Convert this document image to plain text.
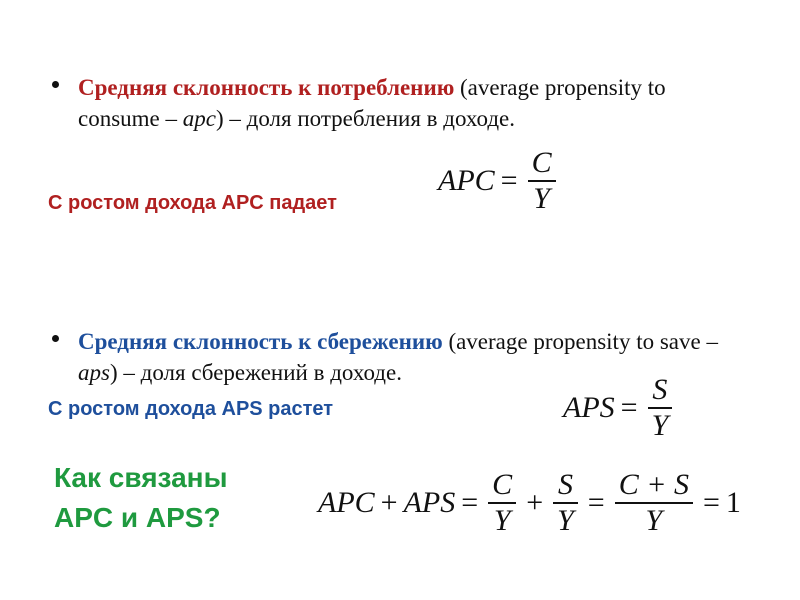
Средняя склонность к потреблению (average propensity to consume – apc) – доля потребления в доходе.
С ростом дохода APC падает
APC = $\frac{C}{Y}$
Средняя склонность к сбережению (average propensity to save – aps) – доля сбережений в доходе.
С ростом дохода APS растет	APS = $\frac{S}{Y}$
Как связаны
APC и APS?	APC + APS = $\frac{C}{Y} + \frac{S}{Y} = \frac{C + S}{Y} = 1$
